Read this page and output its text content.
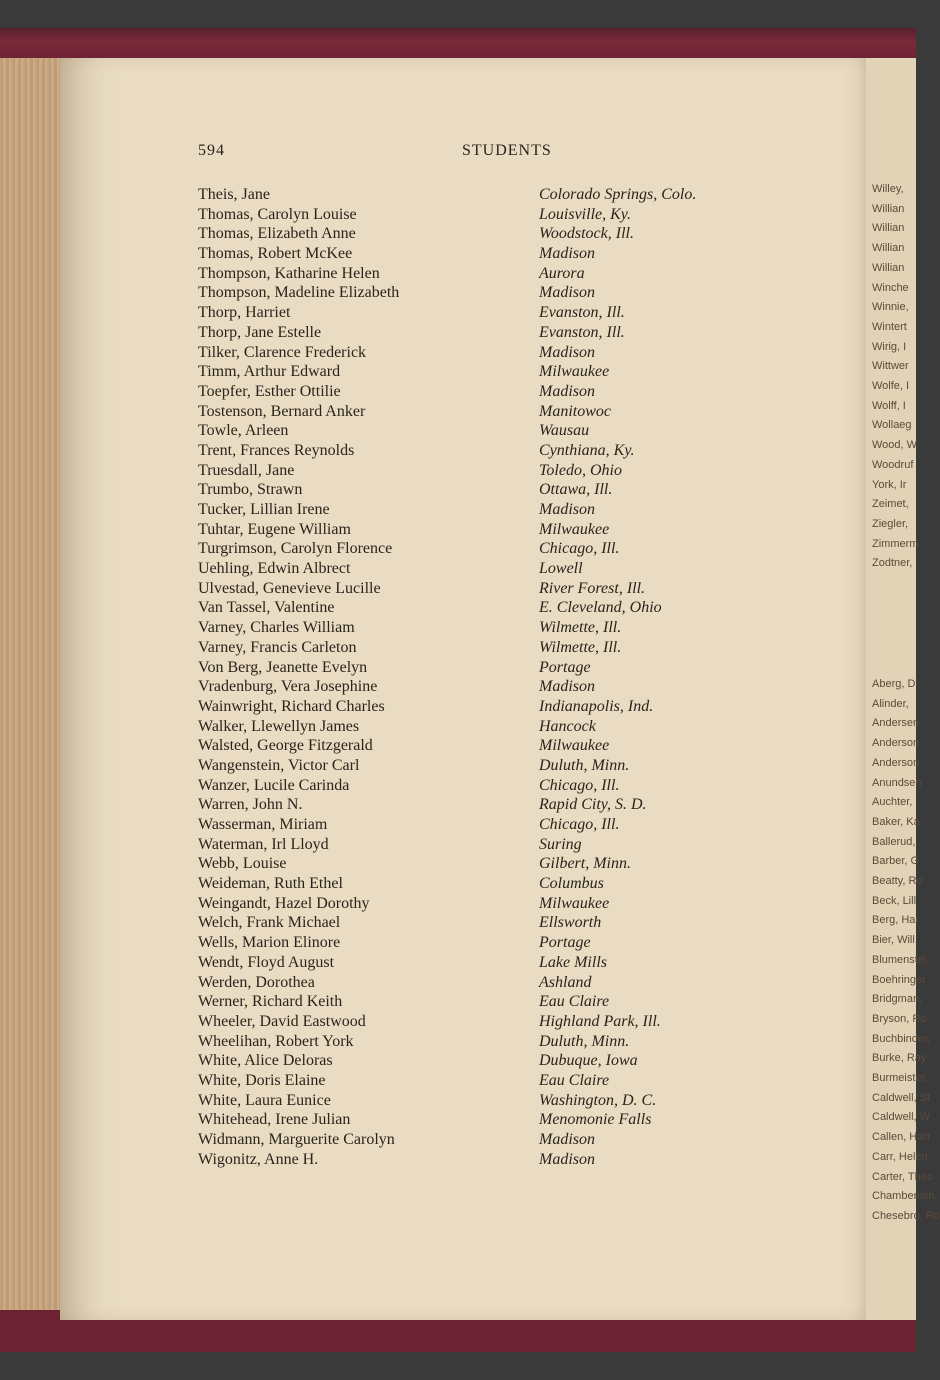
594	STUDENTS
Theis, Jane	Colorado Springs, Colo.
Thomas, Carolyn Louise	Louisville, Ky.
Thomas, Elizabeth Anne	Woodstock, Ill.
Thomas, Robert McKee	Madison
Thompson, Katharine Helen	Aurora
Thompson, Madeline Elizabeth	Madison
Thorp, Harriet	Evanston, Ill.
Thorp, Jane Estelle	Evanston, Ill.
Tilker, Clarence Frederick	Madison
Timm, Arthur Edward	Milwaukee
Toepfer, Esther Ottilie	Madison
Tostenson, Bernard Anker	Manitowoc
Towle, Arleen	Wausau
Trent, Frances Reynolds	Cynthiana, Ky.
Truesdall, Jane	Toledo, Ohio
Trumbo, Strawn	Ottawa, Ill.
Tucker, Lillian Irene	Madison
Tuhtar, Eugene William	Milwaukee
Turgrimson, Carolyn Florence	Chicago, Ill.
Uehling, Edwin Albrect	Lowell
Ulvestad, Genevieve Lucille	River Forest, Ill.
Van Tassel, Valentine	E. Cleveland, Ohio
Varney, Charles William	Wilmette, Ill.
Varney, Francis Carleton	Wilmette, Ill.
Von Berg, Jeanette Evelyn	Portage
Vradenburg, Vera Josephine	Madison
Wainwright, Richard Charles	Indianapolis, Ind.
Walker, Llewellyn James	Hancock
Walsted, George Fitzgerald	Milwaukee
Wangenstein, Victor Carl	Duluth, Minn.
Wanzer, Lucile Carinda	Chicago, Ill.
Warren, John N.	Rapid City, S. D.
Wasserman, Miriam	Chicago, Ill.
Waterman, Irl Lloyd	Suring
Webb, Louise	Gilbert, Minn.
Weideman, Ruth Ethel	Columbus
Weingandt, Hazel Dorothy	Milwaukee
Welch, Frank Michael	Ellsworth
Wells, Marion Elinore	Portage
Wendt, Floyd August	Lake Mills
Werden, Dorothea	Ashland
Werner, Richard Keith	Eau Claire
Wheeler, David Eastwood	Highland Park, Ill.
Wheelihan, Robert York	Duluth, Minn.
White, Alice Deloras	Dubuque, Iowa
White, Doris Elaine	Eau Claire
White, Laura Eunice	Washington, D. C.
Whitehead, Irene Julian	Menomonie Falls
Widmann, Marguerite Carolyn	Madison
Wigonitz, Anne H.	Madison
Willey,
Willian
Willian
Willian
Willian
Winche
Winnie,
Wintert
Wirig, I
Wittwer
Wolfe, I
Wolff, I
Wollaeg
Wood, W
Woodruf
York, Ir
Zeimet,
Ziegler,
Zimmerm
Zodtner,
Aberg, D
Alinder,
Andersen
Anderson
Anderson
Anundsen
Auchter,
Baker, Ka
Ballerud,
Barber, G
Beatty, Ro
Beck, Lill
Berg, Har
Bier, Will
Blumenstei
Boehringer
Bridgman,
Bryson, Ro
Buchbinder,
Burke, Ray
Burmeister,
Caldwell, St
Caldwell, W
Callen, Harr
Carr, Helen
Carter, Theo
Chamberlain,
Chesebro, Ro
